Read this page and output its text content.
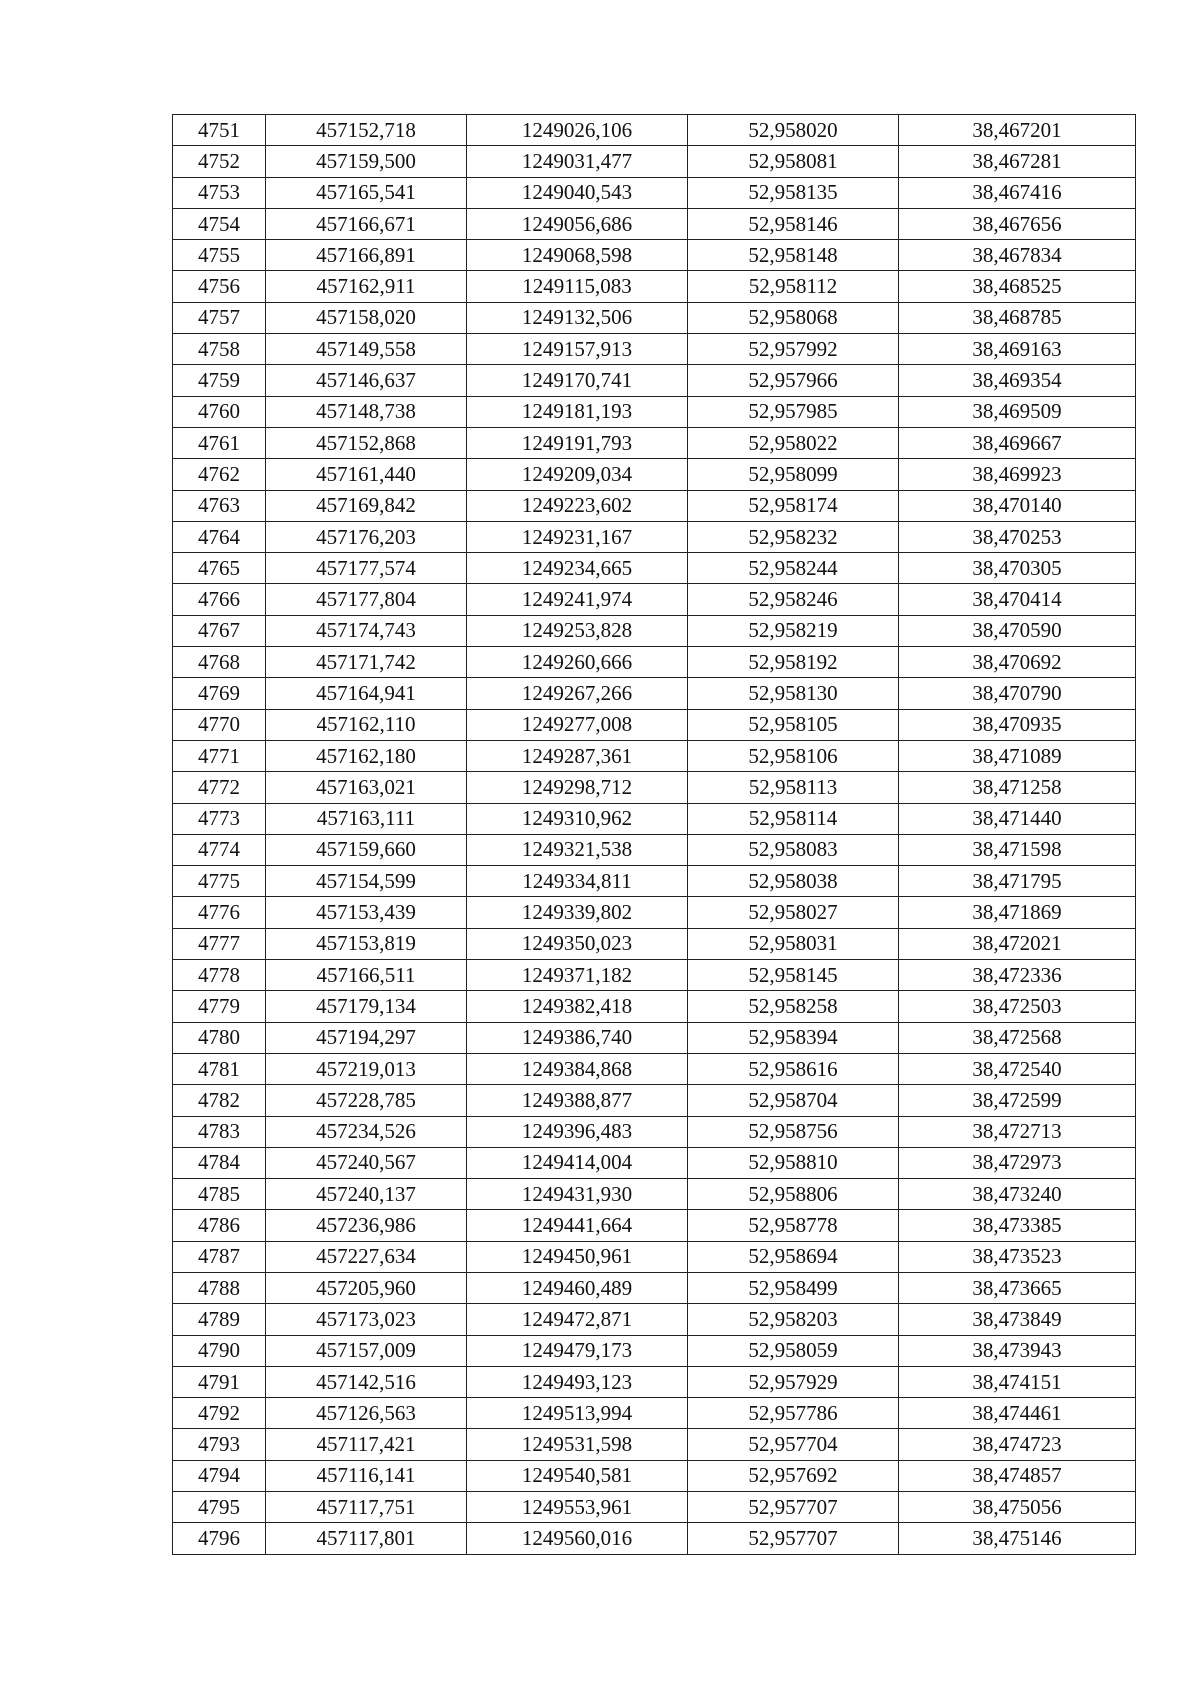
4751	457152,718	1249026,106	52,958020	38,467201
4752	457159,500	1249031,477	52,958081	38,467281
4753	457165,541	1249040,543	52,958135	38,467416
4754	457166,671	1249056,686	52,958146	38,467656
4755	457166,891	1249068,598	52,958148	38,467834
4756	457162,911	1249115,083	52,958112	38,468525
4757	457158,020	1249132,506	52,958068	38,468785
4758	457149,558	1249157,913	52,957992	38,469163
4759	457146,637	1249170,741	52,957966	38,469354
4760	457148,738	1249181,193	52,957985	38,469509
4761	457152,868	1249191,793	52,958022	38,469667
4762	457161,440	1249209,034	52,958099	38,469923
4763	457169,842	1249223,602	52,958174	38,470140
4764	457176,203	1249231,167	52,958232	38,470253
4765	457177,574	1249234,665	52,958244	38,470305
4766	457177,804	1249241,974	52,958246	38,470414
4767	457174,743	1249253,828	52,958219	38,470590
4768	457171,742	1249260,666	52,958192	38,470692
4769	457164,941	1249267,266	52,958130	38,470790
4770	457162,110	1249277,008	52,958105	38,470935
4771	457162,180	1249287,361	52,958106	38,471089
4772	457163,021	1249298,712	52,958113	38,471258
4773	457163,111	1249310,962	52,958114	38,471440
4774	457159,660	1249321,538	52,958083	38,471598
4775	457154,599	1249334,811	52,958038	38,471795
4776	457153,439	1249339,802	52,958027	38,471869
4777	457153,819	1249350,023	52,958031	38,472021
4778	457166,511	1249371,182	52,958145	38,472336
4779	457179,134	1249382,418	52,958258	38,472503
4780	457194,297	1249386,740	52,958394	38,472568
4781	457219,013	1249384,868	52,958616	38,472540
4782	457228,785	1249388,877	52,958704	38,472599
4783	457234,526	1249396,483	52,958756	38,472713
4784	457240,567	1249414,004	52,958810	38,472973
4785	457240,137	1249431,930	52,958806	38,473240
4786	457236,986	1249441,664	52,958778	38,473385
4787	457227,634	1249450,961	52,958694	38,473523
4788	457205,960	1249460,489	52,958499	38,473665
4789	457173,023	1249472,871	52,958203	38,473849
4790	457157,009	1249479,173	52,958059	38,473943
4791	457142,516	1249493,123	52,957929	38,474151
4792	457126,563	1249513,994	52,957786	38,474461
4793	457117,421	1249531,598	52,957704	38,474723
4794	457116,141	1249540,581	52,957692	38,474857
4795	457117,751	1249553,961	52,957707	38,475056
4796	457117,801	1249560,016	52,957707	38,475146
